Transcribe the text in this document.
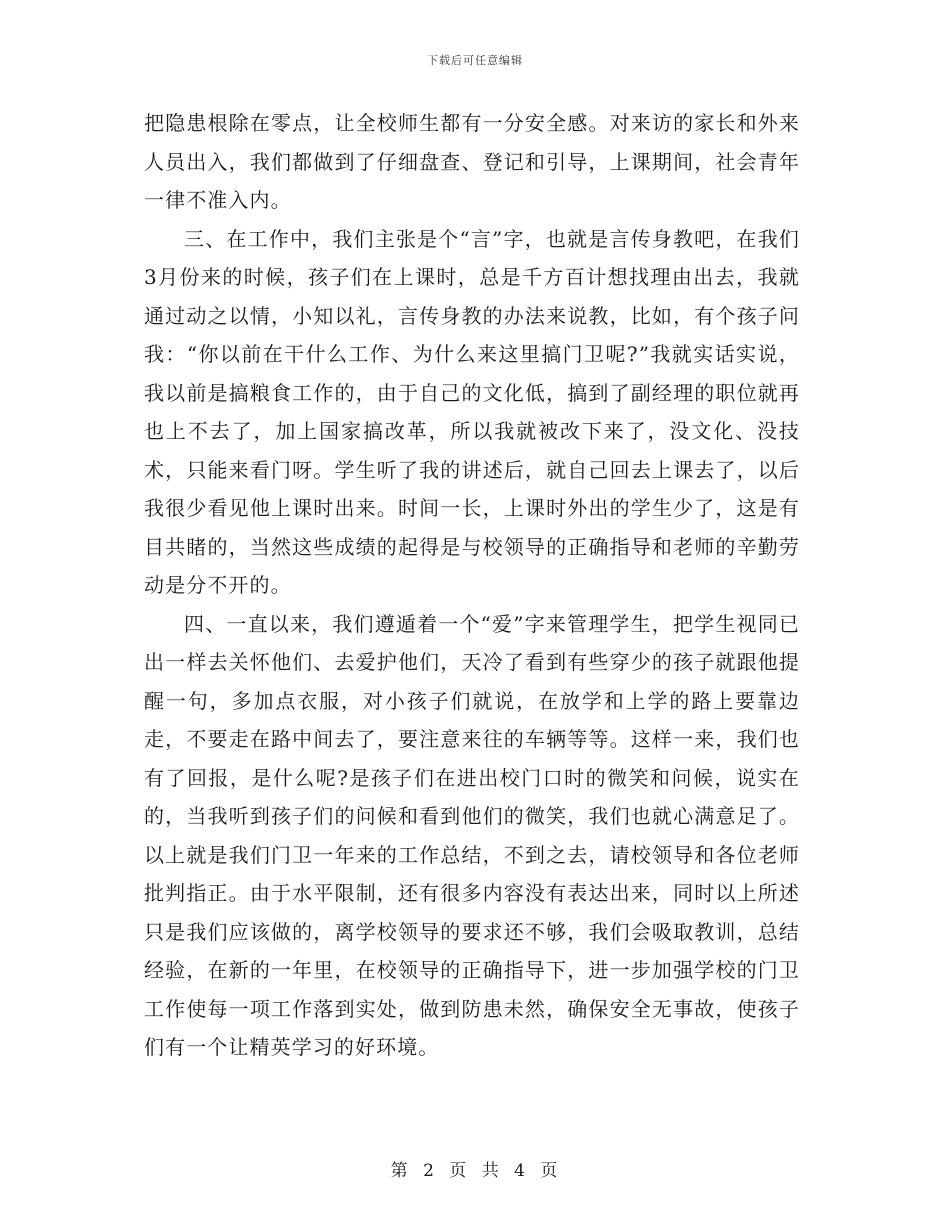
下载后可任意编辑

把隐患根除在零点，让全校师生都有一分安全感。对来访的家长和外来人员出入，我们都做到了仔细盘查、登记和引导，上课期间，社会青年一律不准入内。

三、在工作中，我们主张是个“言”字，也就是言传身教吧，在我们3月份来的时候，孩子们在上课时，总是千方百计想找理由出去，我就通过动之以情，小知以礼，言传身教的办法来说教，比如，有个孩子问我：“你以前在干什么工作、为什么来这里搞门卫呢?”我就实话实说，我以前是搞粮食工作的，由于自己的文化低，搞到了副经理的职位就再也上不去了，加上国家搞改革，所以我就被改下来了，没文化、没技术，只能来看门呀。学生听了我的讲述后，就自己回去上课去了，以后我很少看见他上课时出来。时间一长，上课时外出的学生少了，这是有目共睹的，当然这些成绩的起得是与校领导的正确指导和老师的辛勤劳动是分不开的。

四、一直以来，我们遵遁着一个“爱”字来管理学生，把学生视同已出一样去关怀他们、去爱护他们，天冷了看到有些穿少的孩子就跟他提醒一句，多加点衣服，对小孩子们就说，在放学和上学的路上要靠边走，不要走在路中间去了，要注意来往的车辆等等。这样一来，我们也有了回报，是什么呢?是孩子们在进出校门口时的微笑和问候，说实在的，当我听到孩子们的问候和看到他们的微笑，我们也就心满意足了。以上就是我们门卫一年来的工作总结，不到之去，请校领导和各位老师批判指正。由于水平限制，还有很多内容没有表达出来，同时以上所述只是我们应该做的，离学校领导的要求还不够，我们会吸取教训，总结经验，在新的一年里，在校领导的正确指导下，进一步加强学校的门卫工作使每一项工作落到实处，做到防患未然，确保安全无事故，使孩子们有一个让精英学习的好环境。

第 2 页 共 4 页
